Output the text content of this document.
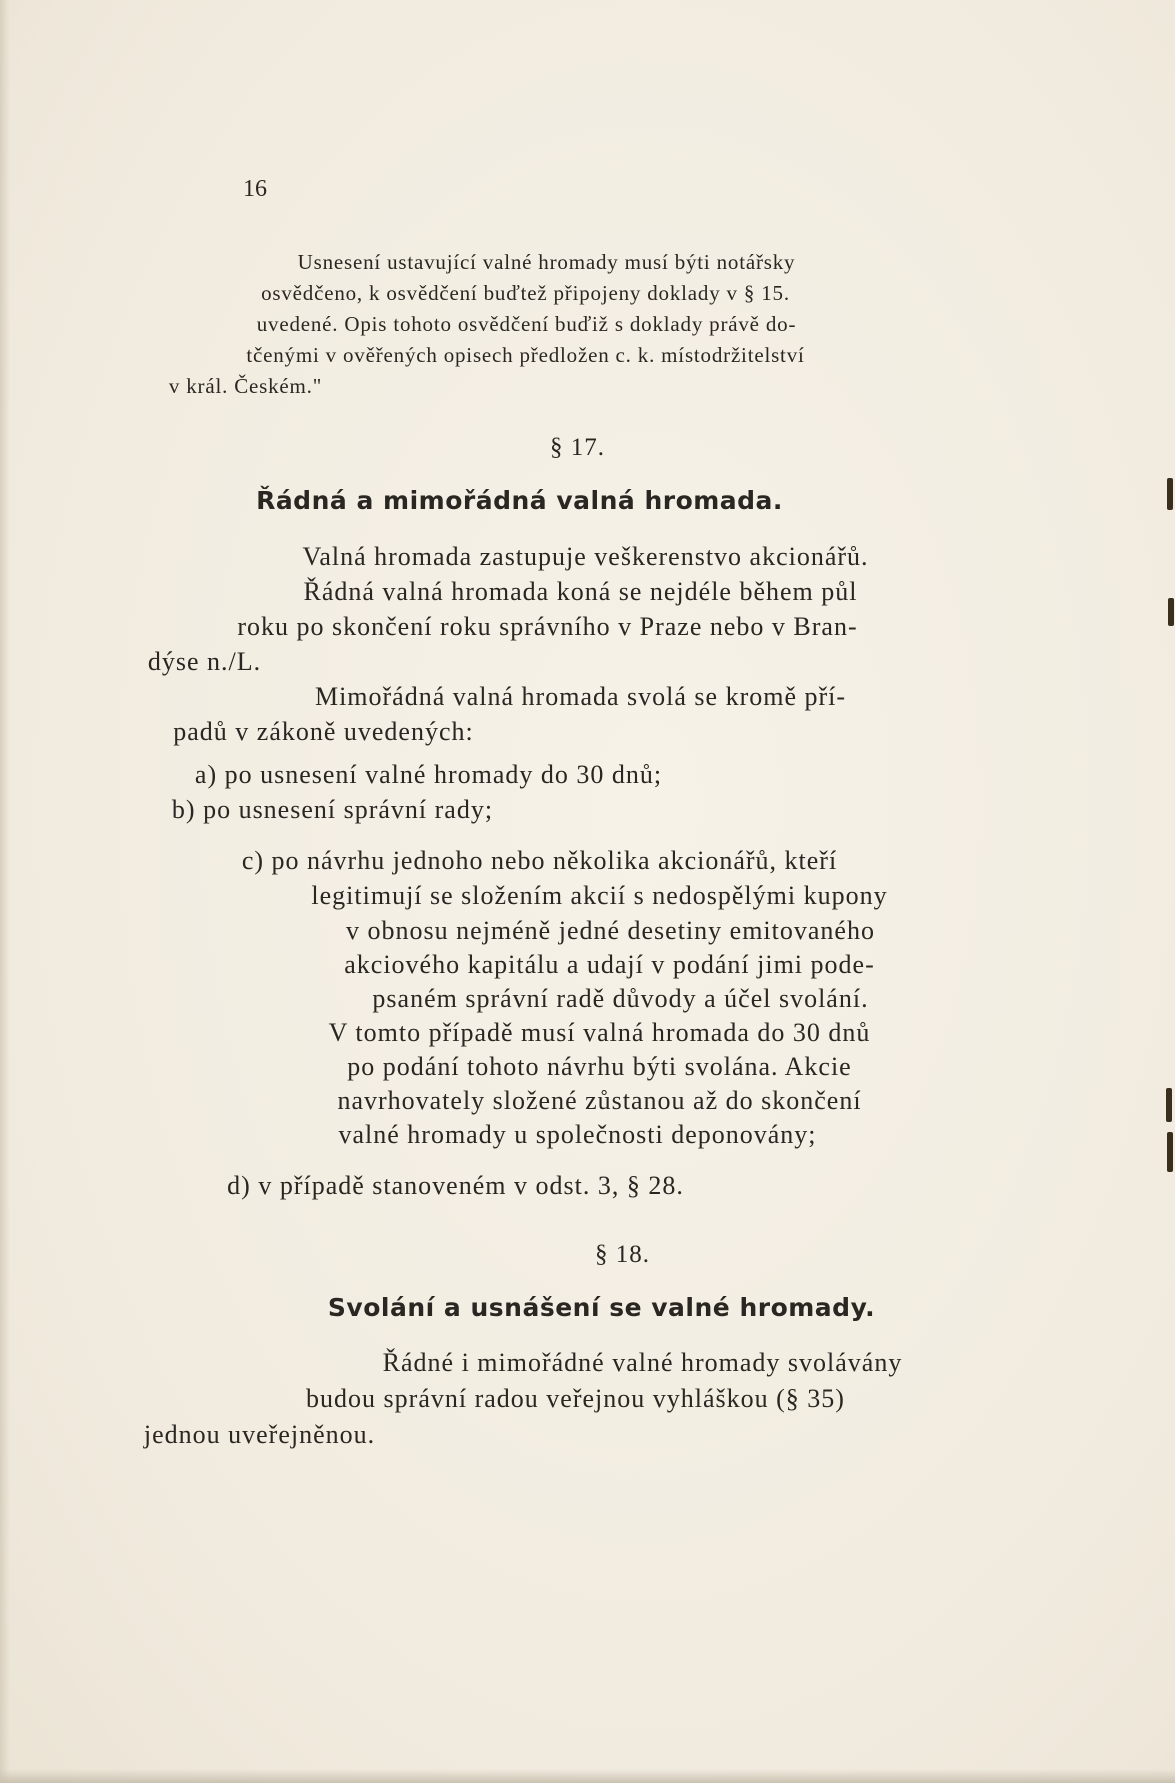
16
Usnesení ustavující valné hromady musí býti notářsky
osvědčeno, k osvědčení buďtež připojeny doklady v § 15.
uvedené. Opis tohoto osvědčení buďiž s doklady právě do-
tčenými v ověřených opisech předložen c. k. místodržitelství
v král. Českém."
§ 17.
Řádná a mimořádná valná hromada.
Valná hromada zastupuje veškerenstvo akcionářů.
Řádná valná hromada koná se nejdéle během půl
roku po skončení roku správního v Praze nebo v Bran-
dýse n./L.
Mimořádná valná hromada svolá se kromě pří-
padů v zákoně uvedených:
a) po usnesení valné hromady do 30 dnů;
b) po usnesení správní rady;
c) po návrhu jednoho nebo několika akcionářů, kteří
legitimují se složením akcií s nedospělými kupony
v obnosu nejméně jedné desetiny emitovaného
akciového kapitálu a udají v podání jimi pode-
psaném správní radě důvody a účel svolání.
V tomto případě musí valná hromada do 30 dnů
po podání tohoto návrhu býti svolána. Akcie
navrhovately složené zůstanou až do skončení
valné hromady u společnosti deponovány;
d) v případě stanoveném v odst. 3, § 28.
§ 18.
Svolání a usnášení se valné hromady.
Řádné i mimořádné valné hromady svolávány
budou správní radou veřejnou vyhláškou (§ 35)
jednou uveřejněnou.
